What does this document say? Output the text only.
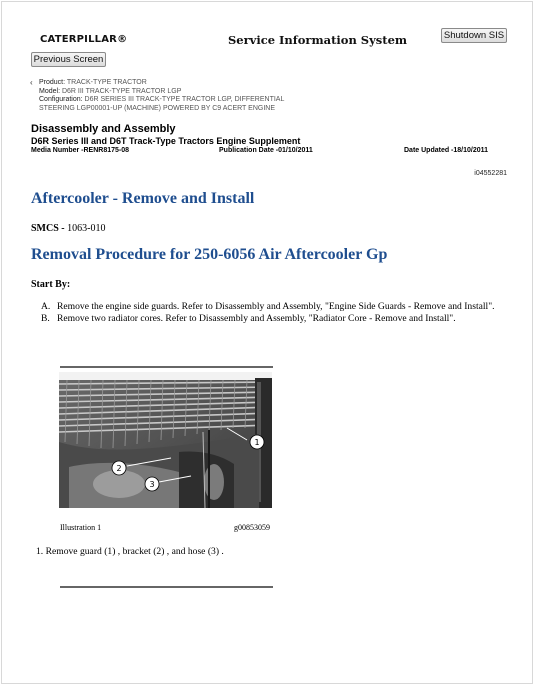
CATERPILLAR®	Service Information System	Shutdown SIS
Previous Screen
‹ Product: TRACK-TYPE TRACTOR
Model: D6R III TRACK-TYPE TRACTOR LGP
Configuration: D6R SERIES III TRACK-TYPE TRACTOR LGP, DIFFERENTIAL
STEERING LGP00001-UP (MACHINE) POWERED BY C9 ACERT ENGINE
Disassembly and Assembly
D6R Series III and D6T Track-Type Tractors Engine Supplement
Media Number -RENR8175-08	Publication Date -01/10/2011	Date Updated -18/10/2011
i04552281
Aftercooler - Remove and Install
SMCS - 1063-010
Removal Procedure for 250-6056 Air Aftercooler Gp
Start By:

A. Remove the engine side guards. Refer to Disassembly and Assembly, "Engine Side Guards - Remove and Install".

B. Remove two radiator cores. Refer to Disassembly and Assembly, "Radiator Core - Remove and Install".

1
2
3
Illustration 1	g00853059
1. Remove guard (1) , bracket (2) , and hose (3) .
